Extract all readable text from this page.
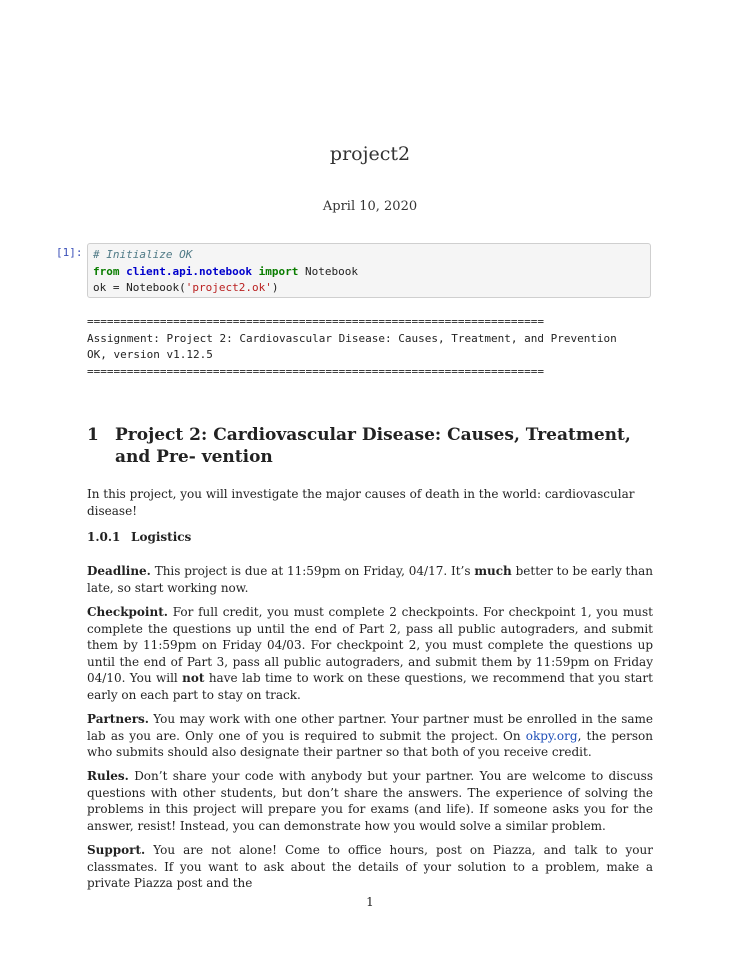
project2
April 10, 2020
[1]: # Initialize OK
from client.api.notebook import Notebook
ok = Notebook('project2.ok')
=====================================================================
Assignment: Project 2: Cardiovascular Disease: Causes, Treatment, and Prevention
OK, version v1.12.5
=====================================================================
1 Project 2: Cardiovascular Disease: Causes, Treatment, and Pre- vention
In this project, you will investigate the major causes of death in the world: cardiovascular disease!
1.0.1 Logistics
Deadline. This project is due at 11:59pm on Friday, 04/17. It’s much better to be early than late, so start working now.
Checkpoint. For full credit, you must complete 2 checkpoints. For checkpoint 1, you must complete the questions up until the end of Part 2, pass all public autograders, and submit them by 11:59pm on Friday 04/03. For checkpoint 2, you must complete the questions up until the end of Part 3, pass all public autograders, and submit them by 11:59pm on Friday 04/10. You will not have lab time to work on these questions, we recommend that you start early on each part to stay on track.
Partners. You may work with one other partner. Your partner must be enrolled in the same lab as you are. Only one of you is required to submit the project. On okpy.org, the person who submits should also designate their partner so that both of you receive credit.
Rules. Don’t share your code with anybody but your partner. You are welcome to discuss questions with other students, but don’t share the answers. The experience of solving the problems in this project will prepare you for exams (and life). If someone asks you for the answer, resist! Instead, you can demonstrate how you would solve a similar problem.
Support. You are not alone! Come to office hours, post on Piazza, and talk to your classmates. If you want to ask about the details of your solution to a problem, make a private Piazza post and the
1
